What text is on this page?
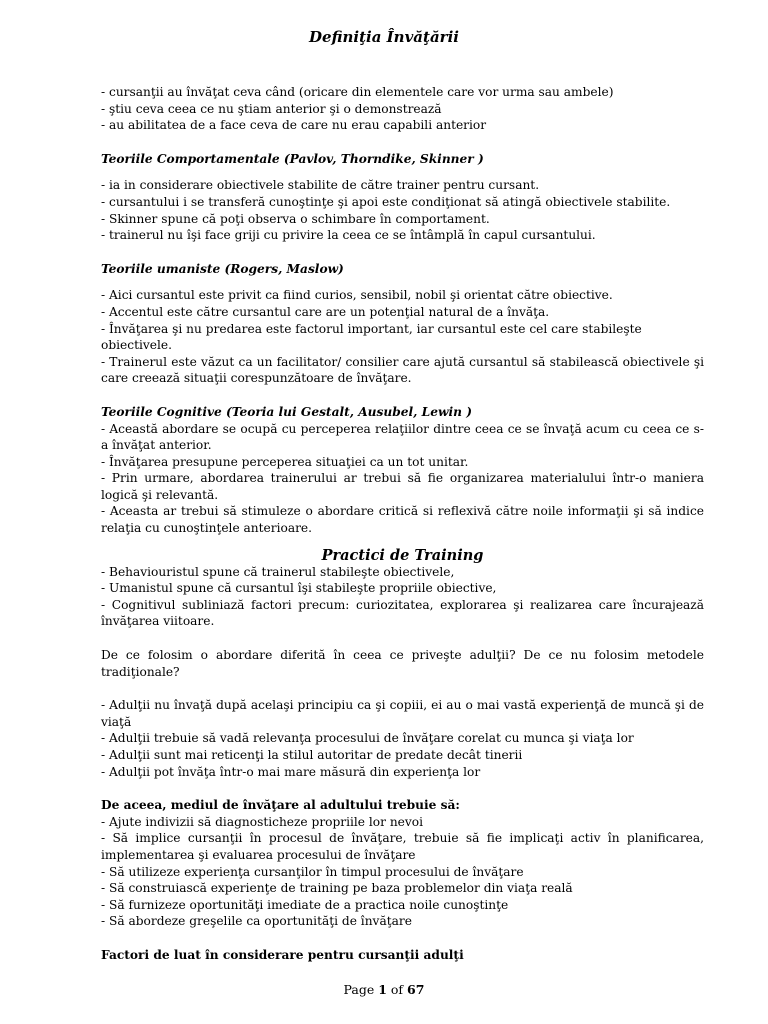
Definiţia Învăţării

- cursanţii au învăţat ceva când (oricare din elementele care vor urma sau ambele)

- ştiu ceva ceea ce nu ştiam anterior şi o demonstrează

- au abilitatea de a face ceva de care nu erau capabili anterior

Teoriile Comportamentale (Pavlov, Thorndike, Skinner )

- ia in considerare obiectivele stabilite de către trainer pentru cursant.

- cursantului i se transferă cunoştinţe şi apoi este condiţionat să atingă obiectivele stabilite.

- Skinner spune că poţi observa o schimbare în comportament.

- trainerul nu îşi face griji cu privire la ceea ce se întâmplă în capul cursantului.

Teoriile umaniste (Rogers, Maslow)

- Aici cursantul este privit ca fiind curios, sensibil, nobil şi orientat către obiective.

- Accentul este către cursantul care are un potenţial natural de a învăţa.

- Învăţarea şi nu predarea este factorul important, iar cursantul este cel care stabileşte obiectivele.

- Trainerul este văzut ca un facilitator/ consilier care ajută cursantul să stabilească obiectivele şi care creează situaţii corespunzătoare de învăţare.

Teoriile Cognitive (Teoria lui Gestalt, Ausubel, Lewin )

- Această abordare se ocupă cu perceperea relaţiilor dintre ceea ce se învaţă acum cu ceea ce s-a învăţat anterior.

- Învăţarea presupune perceperea situaţiei ca un tot unitar.

- Prin urmare, abordarea trainerului ar trebui să fie organizarea materialului într-o maniera logică şi relevantă.

- Aceasta ar trebui să stimuleze o abordare critică si reflexivă către noile informaţii şi să indice relaţia cu cunoştinţele anterioare.

Practici de Training

- Behaviouristul spune că trainerul stabileşte obiectivele,

- Umanistul spune că cursantul îşi stabileşte propriile obiective,

- Cognitivul subliniază factori precum: curiozitatea, explorarea şi realizarea care încurajează învăţarea viitoare.

De ce folosim o abordare diferită în ceea ce priveşte adulţii? De ce nu folosim metodele tradiţionale?

- Adulţii nu învaţă după acelaşi principiu ca şi copiii, ei au o mai vastă experienţă de muncă şi de viaţă

- Adulţii trebuie să vadă relevanţa procesului de învăţare corelat cu munca şi viaţa lor

- Adulţii sunt mai reticenţi la stilul autoritar de predate decât tinerii

- Adulţii pot învăţa într-o mai mare măsură din experienţa lor

De aceea, mediul de învăţare al adultului trebuie să:

- Ajute indivizii să diagnosticheze propriile lor nevoi

- Să implice cursanţii în procesul de învăţare, trebuie să fie implicaţi activ în planificarea, implementarea şi evaluarea procesului de învăţare

- Să utilizeze experienţa cursanţilor în timpul procesului de învăţare

- Să construiască experienţe de training pe baza problemelor din viaţa reală

- Să furnizeze oportunităţi imediate de a practica noile cunoştinţe

- Să abordeze greşelile ca oportunităţi de învăţare

Factori de luat în considerare pentru cursanţii adulţi

Page 1 of 67
